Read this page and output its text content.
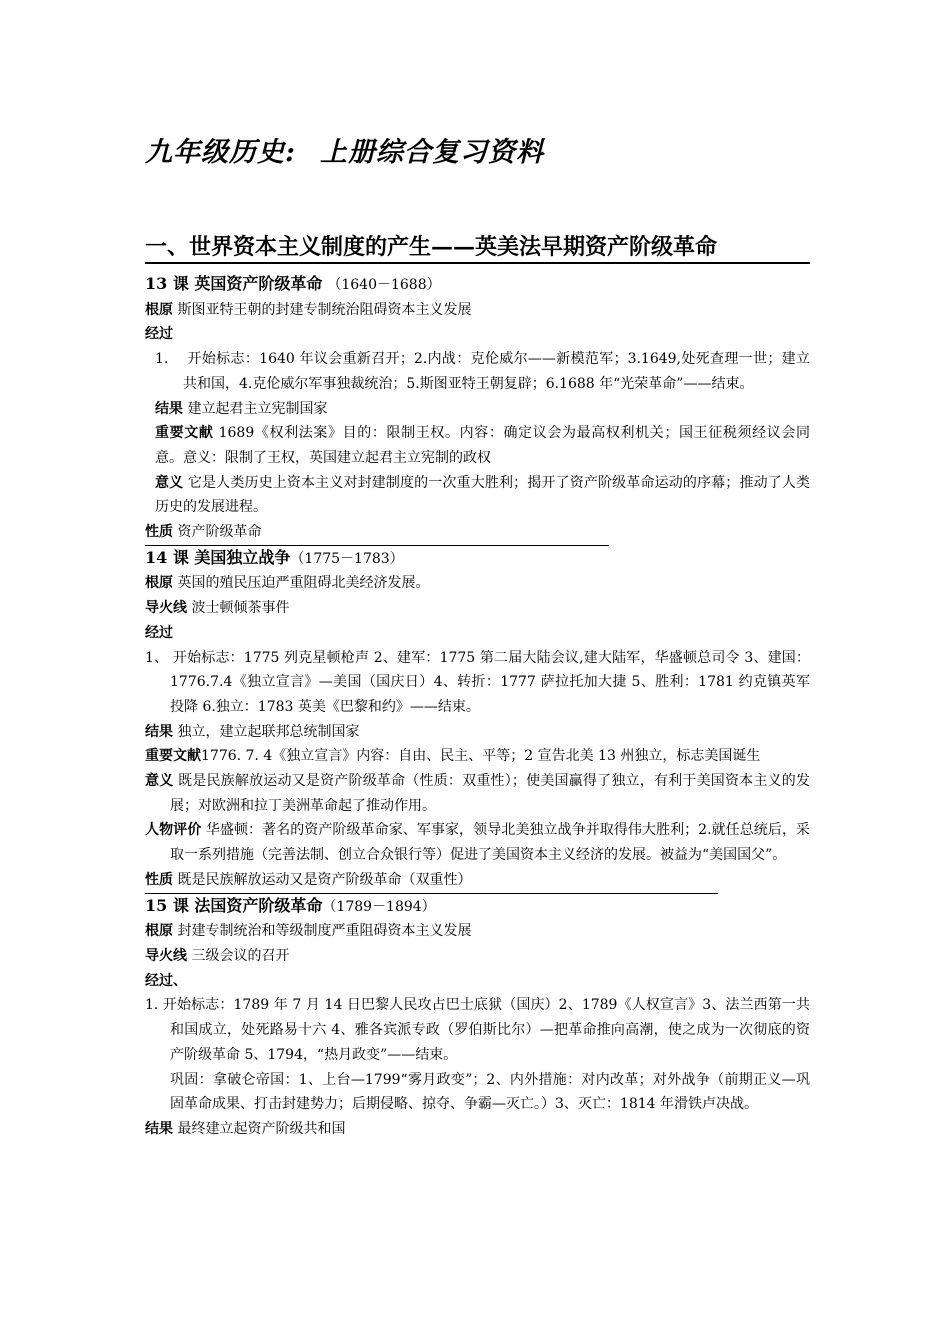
九年级历史: 上册综合复习资料
一、世界资本主义制度的产生——英美法早期资产阶级革命
13 课 英国资产阶级革命 （1640－1688）
根原 斯图亚特王朝的封建专制统治阻碍资本主义发展
经过
1. 开始标志：1640 年议会重新召开；2.内战：克伦威尔——新模范军；3.1649,处死查理一世；建立共和国，4.克伦威尔军事独裁统治；5.斯图亚特王朝复辟；6.1688 年“光荣革命”——结束。
结果 建立起君主立宪制国家
重要文献 1689《权利法案》目的：限制王权。内容：确定议会为最高权利机关；国王征税须经议会同意。意义：限制了王权，英国建立起君主立宪制的政权
意义 它是人类历史上资本主义对封建制度的一次重大胜利；揭开了资产阶级革命运动的序幕；推动了人类历史的发展进程。
性质 资产阶级革命
14 课 美国独立战争（1775－1783）
根原 英国的殖民压迫严重阻碍北美经济发展。
导火线 波士顿倾茶事件
经过
1、 开始标志：1775 列克星顿枪声 2、建军：1775 第二届大陆会议,建大陆军，华盛顿总司令 3、建国：1776.7.4《独立宣言》—美国（国庆日）4、转折：1777 萨拉托加大捷 5、胜利：1781 约克镇英军投降 6.独立：1783 英美《巴黎和约》——结束。
结果 独立，建立起联邦总统制国家
重要文献1776. 7. 4《独立宣言》内容：自由、民主、平等；2 宣告北美 13 州独立，标志美国诞生
意义 既是民族解放运动又是资产阶级革命（性质：双重性）；使美国赢得了独立，有利于美国资本主义的发展；对欧洲和拉丁美洲革命起了推动作用。
人物评价 华盛顿：著名的资产阶级革命家、军事家，领导北美独立战争并取得伟大胜利；2.就任总统后，采取一系列措施（完善法制、创立合众银行等）促进了美国资本主义经济的发展。被益为“美国国父”。
性质 既是民族解放运动又是资产阶级革命（双重性）
15 课 法国资产阶级革命（1789－1894）
根原 封建专制统治和等级制度严重阻碍资本主义发展
导火线 三级会议的召开
经过、
1. 开始标志：1789 年 7 月 14 日巴黎人民攻占巴士底狱（国庆）2、1789《人权宣言》3、法兰西第一共和国成立，处死路易十六 4、雅各宾派专政（罗伯斯比尔）—把革命推向高潮，使之成为一次彻底的资产阶级革命 5、1794，“热月政变”——结束。
巩固：拿破仑帝国：1、上台—1799“雾月政变”；2、内外措施：对内改革；对外战争（前期正义—巩固革命成果、打击封建势力；后期侵略、掠夺、争霸—灭亡。）3、灭亡：1814 年滑铁卢决战。
结果 最终建立起资产阶级共和国
